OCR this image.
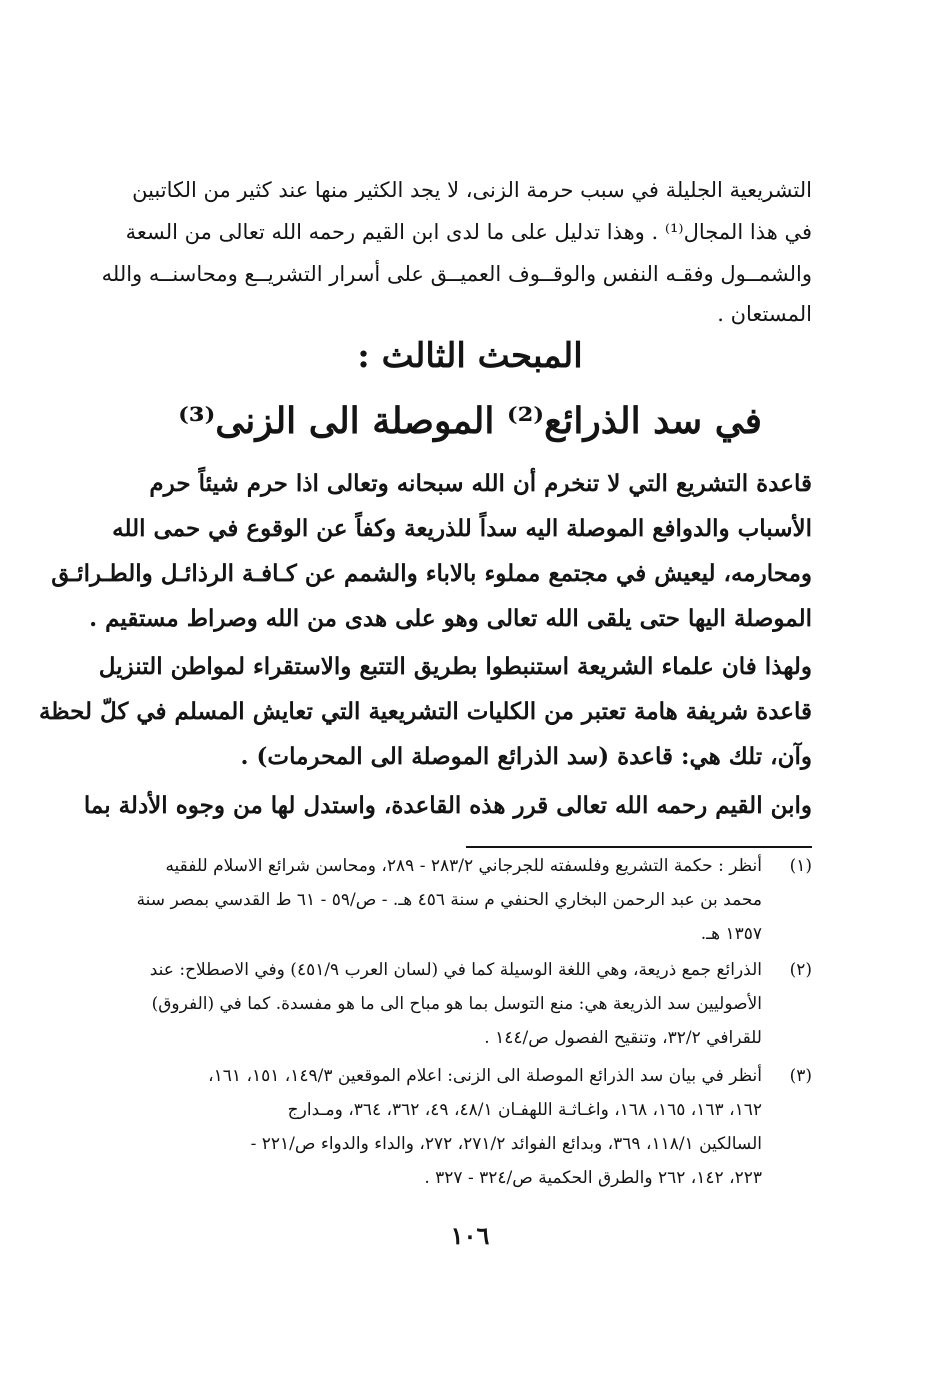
التشريعية الجليلة في سبب حرمة الزنى، لا يجد الكثير منها عند كثير من الكاتبين
في هذا المجال⁽¹⁾ . وهذا تدليل على ما لدى ابن القيم رحمه الله تعالى من السعة
والشمــول وفقـه النفس والوقــوف العميــق على أسرار التشريــع ومحاسنــه والله
المستعان .
المبحث الثالث :
في سد الذرائع⁽²⁾ الموصلة الى الزنى⁽³⁾
قاعدة التشريع التي لا تنخرم أن الله سبحانه وتعالى اذا حرم شيئاً حرم
الأسباب والدوافع الموصلة اليه سداً للذريعة وكفاً عن الوقوع في حمى الله
ومحارمه، ليعيش في مجتمع مملوء بالاباء والشمم عن كـافـة الرذائـل والطـرائـق
الموصلة اليها حتى يلقى الله تعالى وهو على هدى من الله وصراط مستقيم .
ولهذا فان علماء الشريعة استنبطوا بطريق التتبع والاستقراء لمواطن التنزيل
قاعدة شريفة هامة تعتبر من الكليات التشريعية التي تعايش المسلم في كلّ لحظة
وآن، تلك هي: قاعدة (سد الذرائع الموصلة الى المحرمات) .
وابن القيم رحمه الله تعالى قرر هذه القاعدة، واستدل لها من وجوه الأدلة بما
(١)
أنظر : حكمة التشريع وفلسفته للجرجاني ٢٨٣/٢ - ٢٨٩، ومحاسن شرائع الاسلام للفقيه
محمد بن عبد الرحمن البخاري الحنفي م سنة ٤٥٦ هـ. - ص/٥٩ - ٦١ ط القدسي بمصر سنة
١٣٥٧ هـ.
(٢)
الذرائع جمع ذريعة، وهي اللغة الوسيلة كما في (لسان العرب ٤٥١/٩) وفي الاصطلاح: عند
الأصوليين سد الذريعة هي: منع التوسل بما هو مباح الى ما هو مفسدة. كما في (الفروق)
للقرافي ٣٢/٢، وتنقيح الفصول ص/١٤٤ .
(٣)
أنظر في بيان سد الذرائع الموصلة الى الزنى: اعلام الموقعين ١٤٩/٣، ١٥١، ١٦١،
١٦٢، ١٦٣، ١٦٥، ١٦٨، واغـاثـة اللهفـان ٤٨/١، ٤٩، ٣٦٢، ٣٦٤، ومـدارج
السالكين ١١٨/١، ٣٦٩، وبدائع الفوائد ٢٧١/٢، ٢٧٢، والداء والدواء ص/٢٢١ -
٢٢٣، ١٤٢، ٢٦٢ والطرق الحكمية ص/٣٢٤ - ٣٢٧ .
١٠٦
